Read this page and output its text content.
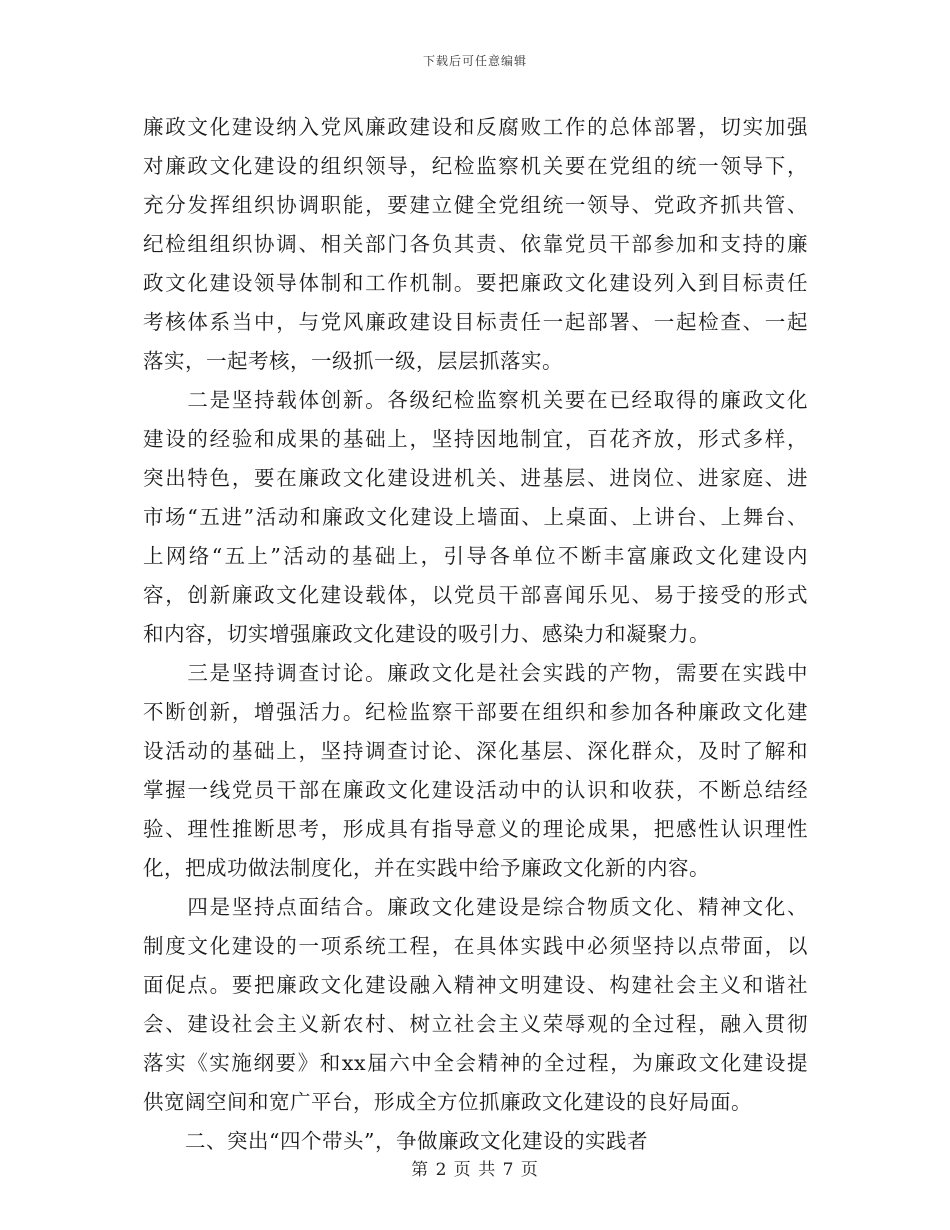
下载后可任意编辑
廉政文化建设纳入党风廉政建设和反腐败工作的总体部署，切实加强
对廉政文化建设的组织领导，纪检监察机关要在党组的统一领导下，
充分发挥组织协调职能，要建立健全党组统一领导、党政齐抓共管、
纪检组组织协调、相关部门各负其责、依靠党员干部参加和支持的廉
政文化建设领导体制和工作机制。要把廉政文化建设列入到目标责任
考核体系当中，与党风廉政建设目标责任一起部署、一起检查、一起
落实，一起考核，一级抓一级，层层抓落实。
　　二是坚持载体创新。各级纪检监察机关要在已经取得的廉政文化
建设的经验和成果的基础上，坚持因地制宜，百花齐放，形式多样，
突出特色，要在廉政文化建设进机关、进基层、进岗位、进家庭、进
市场“五进”活动和廉政文化建设上墙面、上桌面、上讲台、上舞台、
上网络“五上”活动的基础上，引导各单位不断丰富廉政文化建设内
容，创新廉政文化建设载体，以党员干部喜闻乐见、易于接受的形式
和内容，切实增强廉政文化建设的吸引力、感染力和凝聚力。
　　三是坚持调查讨论。廉政文化是社会实践的产物，需要在实践中
不断创新，增强活力。纪检监察干部要在组织和参加各种廉政文化建
设活动的基础上，坚持调查讨论、深化基层、深化群众，及时了解和
掌握一线党员干部在廉政文化建设活动中的认识和收获，不断总结经
验、理性推断思考，形成具有指导意义的理论成果，把感性认识理性
化，把成功做法制度化，并在实践中给予廉政文化新的内容。
　　四是坚持点面结合。廉政文化建设是综合物质文化、精神文化、
制度文化建设的一项系统工程，在具体实践中必须坚持以点带面，以
面促点。要把廉政文化建设融入精神文明建设、构建社会主义和谐社
会、建设社会主义新农村、树立社会主义荣辱观的全过程，融入贯彻
落实《实施纲要》和xx届六中全会精神的全过程，为廉政文化建设提
供宽阔空间和宽广平台，形成全方位抓廉政文化建设的良好局面。
　　二、突出“四个带头”，争做廉政文化建设的实践者
第 2 页 共 7 页
